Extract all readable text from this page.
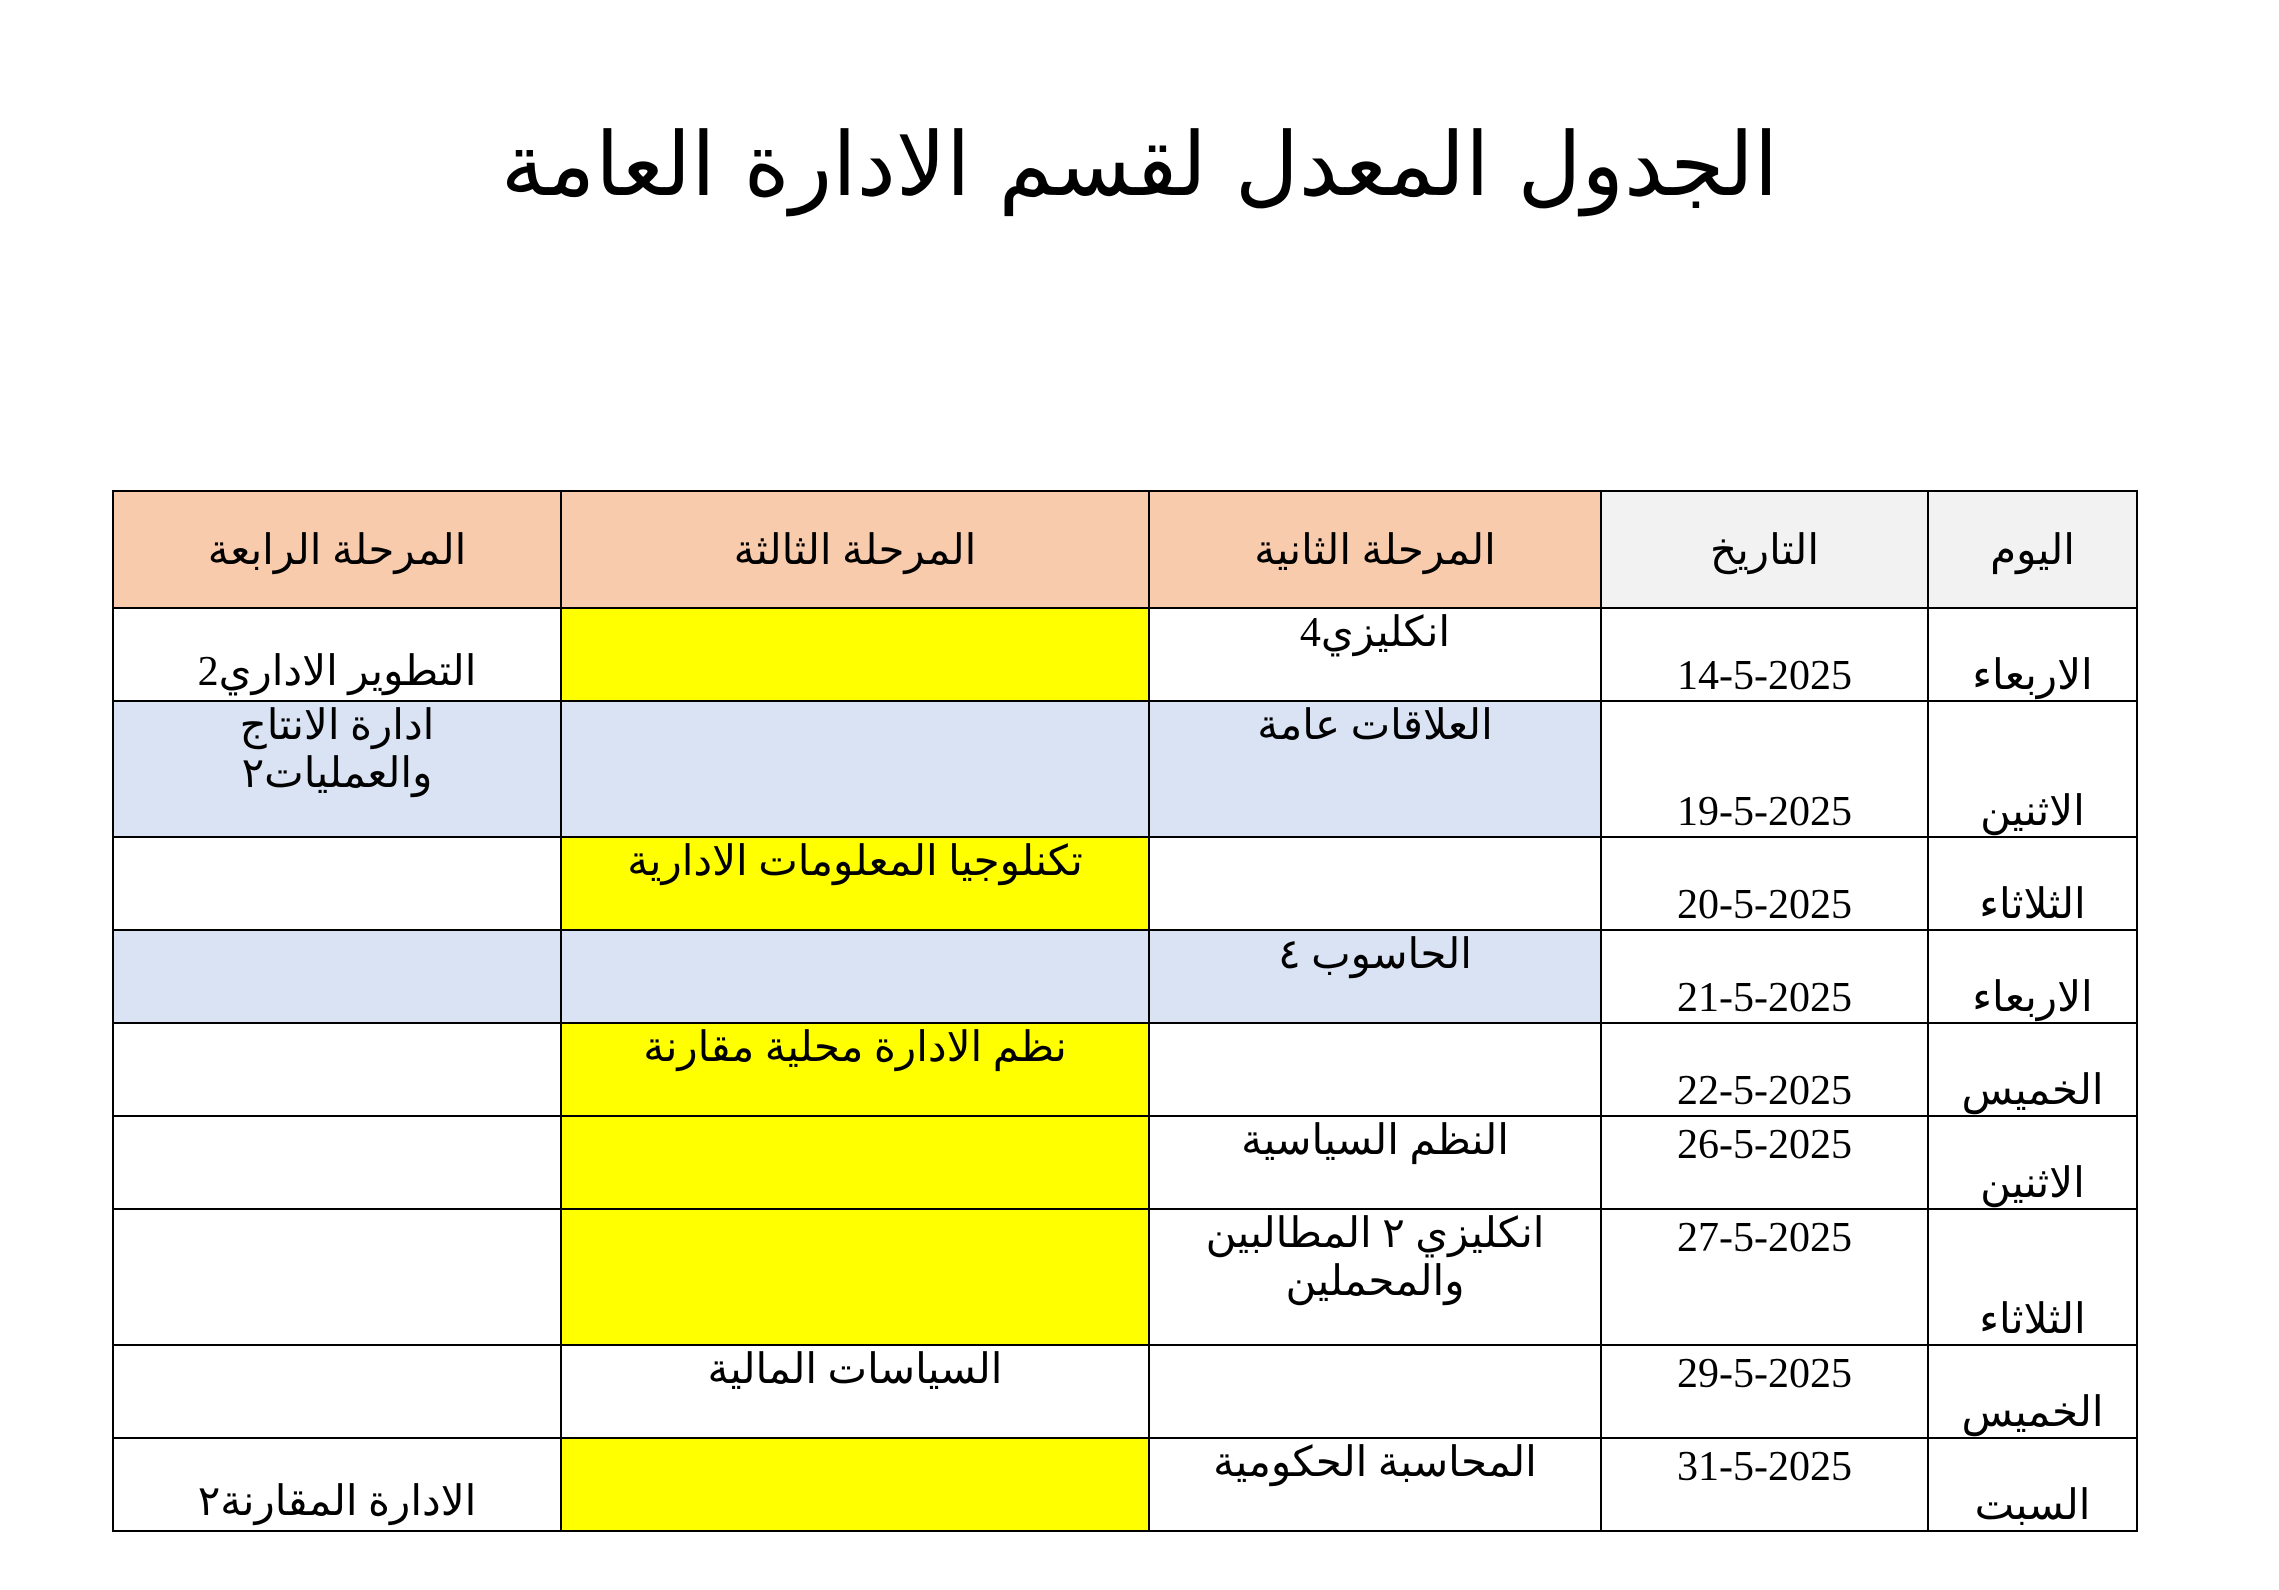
الجدول المعدل لقسم الادارة العامة
اليوم	التاريخ	المرحلة الثانية	المرحلة الثالثة	المرحلة الرابعة
الاربعاء	14-5-2025	انكليزي4		التطوير الاداري2
الاثنين	19-5-2025	العلاقات عامة		ادارة الانتاج
والعمليات٢

الثلاثاء	20-5-2025		تكنلوجيا المعلومات الادارية	
الاربعاء	21-5-2025	الحاسوب ٤		
الخميس	22-5-2025		نظم الادارة محلية مقارنة	
الاثنين	26-5-2025	النظم السياسية		
الثلاثاء	27-5-2025	انكليزي ٢ المطالبين
والمحملين		

الخميس	29-5-2025		السياسات المالية	
السبت	31-5-2025	المحاسبة الحكومية		الادارة المقارنة٢
